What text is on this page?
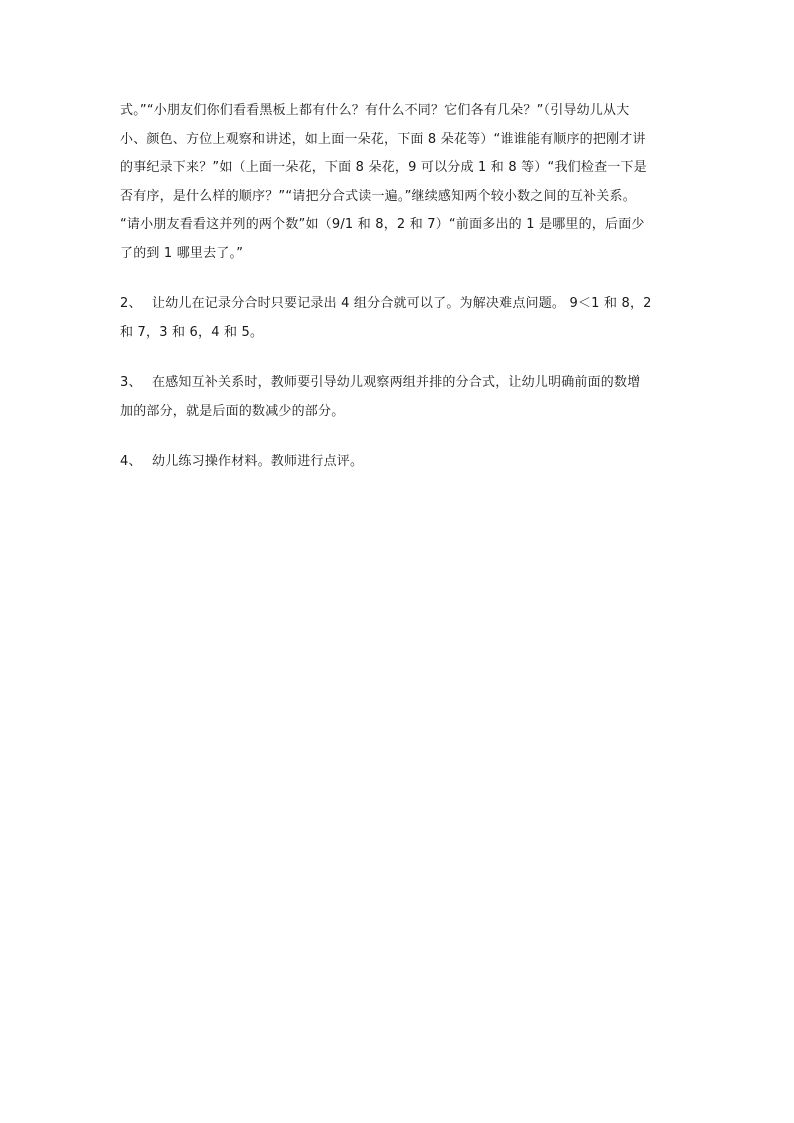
式。”“小朋友们你们看看黑板上都有什么？有什么不同？它们各有几朵？”（引导幼儿从大
小、颜色、方位上观察和讲述，如上面一朵花，下面 8 朵花等）“谁谁能有顺序的把刚才讲
的事纪录下来？”如（上面一朵花，下面 8 朵花，9 可以分成 1 和 8 等）“我们检查一下是
否有序，是什么样的顺序？”“请把分合式读一遍。”继续感知两个较小数之间的互补关系。
“请小朋友看看这并列的两个数”如（9/1 和 8，2 和 7）“前面多出的 1 是哪里的，后面少
了的到 1 哪里去了。”

2、 让幼儿在记录分合时只要记录出 4 组分合就可以了。为解决难点问题。 9＜1 和 8，2
和 7，3 和 6，4 和 5。

3、 在感知互补关系时，教师要引导幼儿观察两组并排的分合式，让幼儿明确前面的数增
加的部分，就是后面的数减少的部分。

4、 幼儿练习操作材料。教师进行点评。
